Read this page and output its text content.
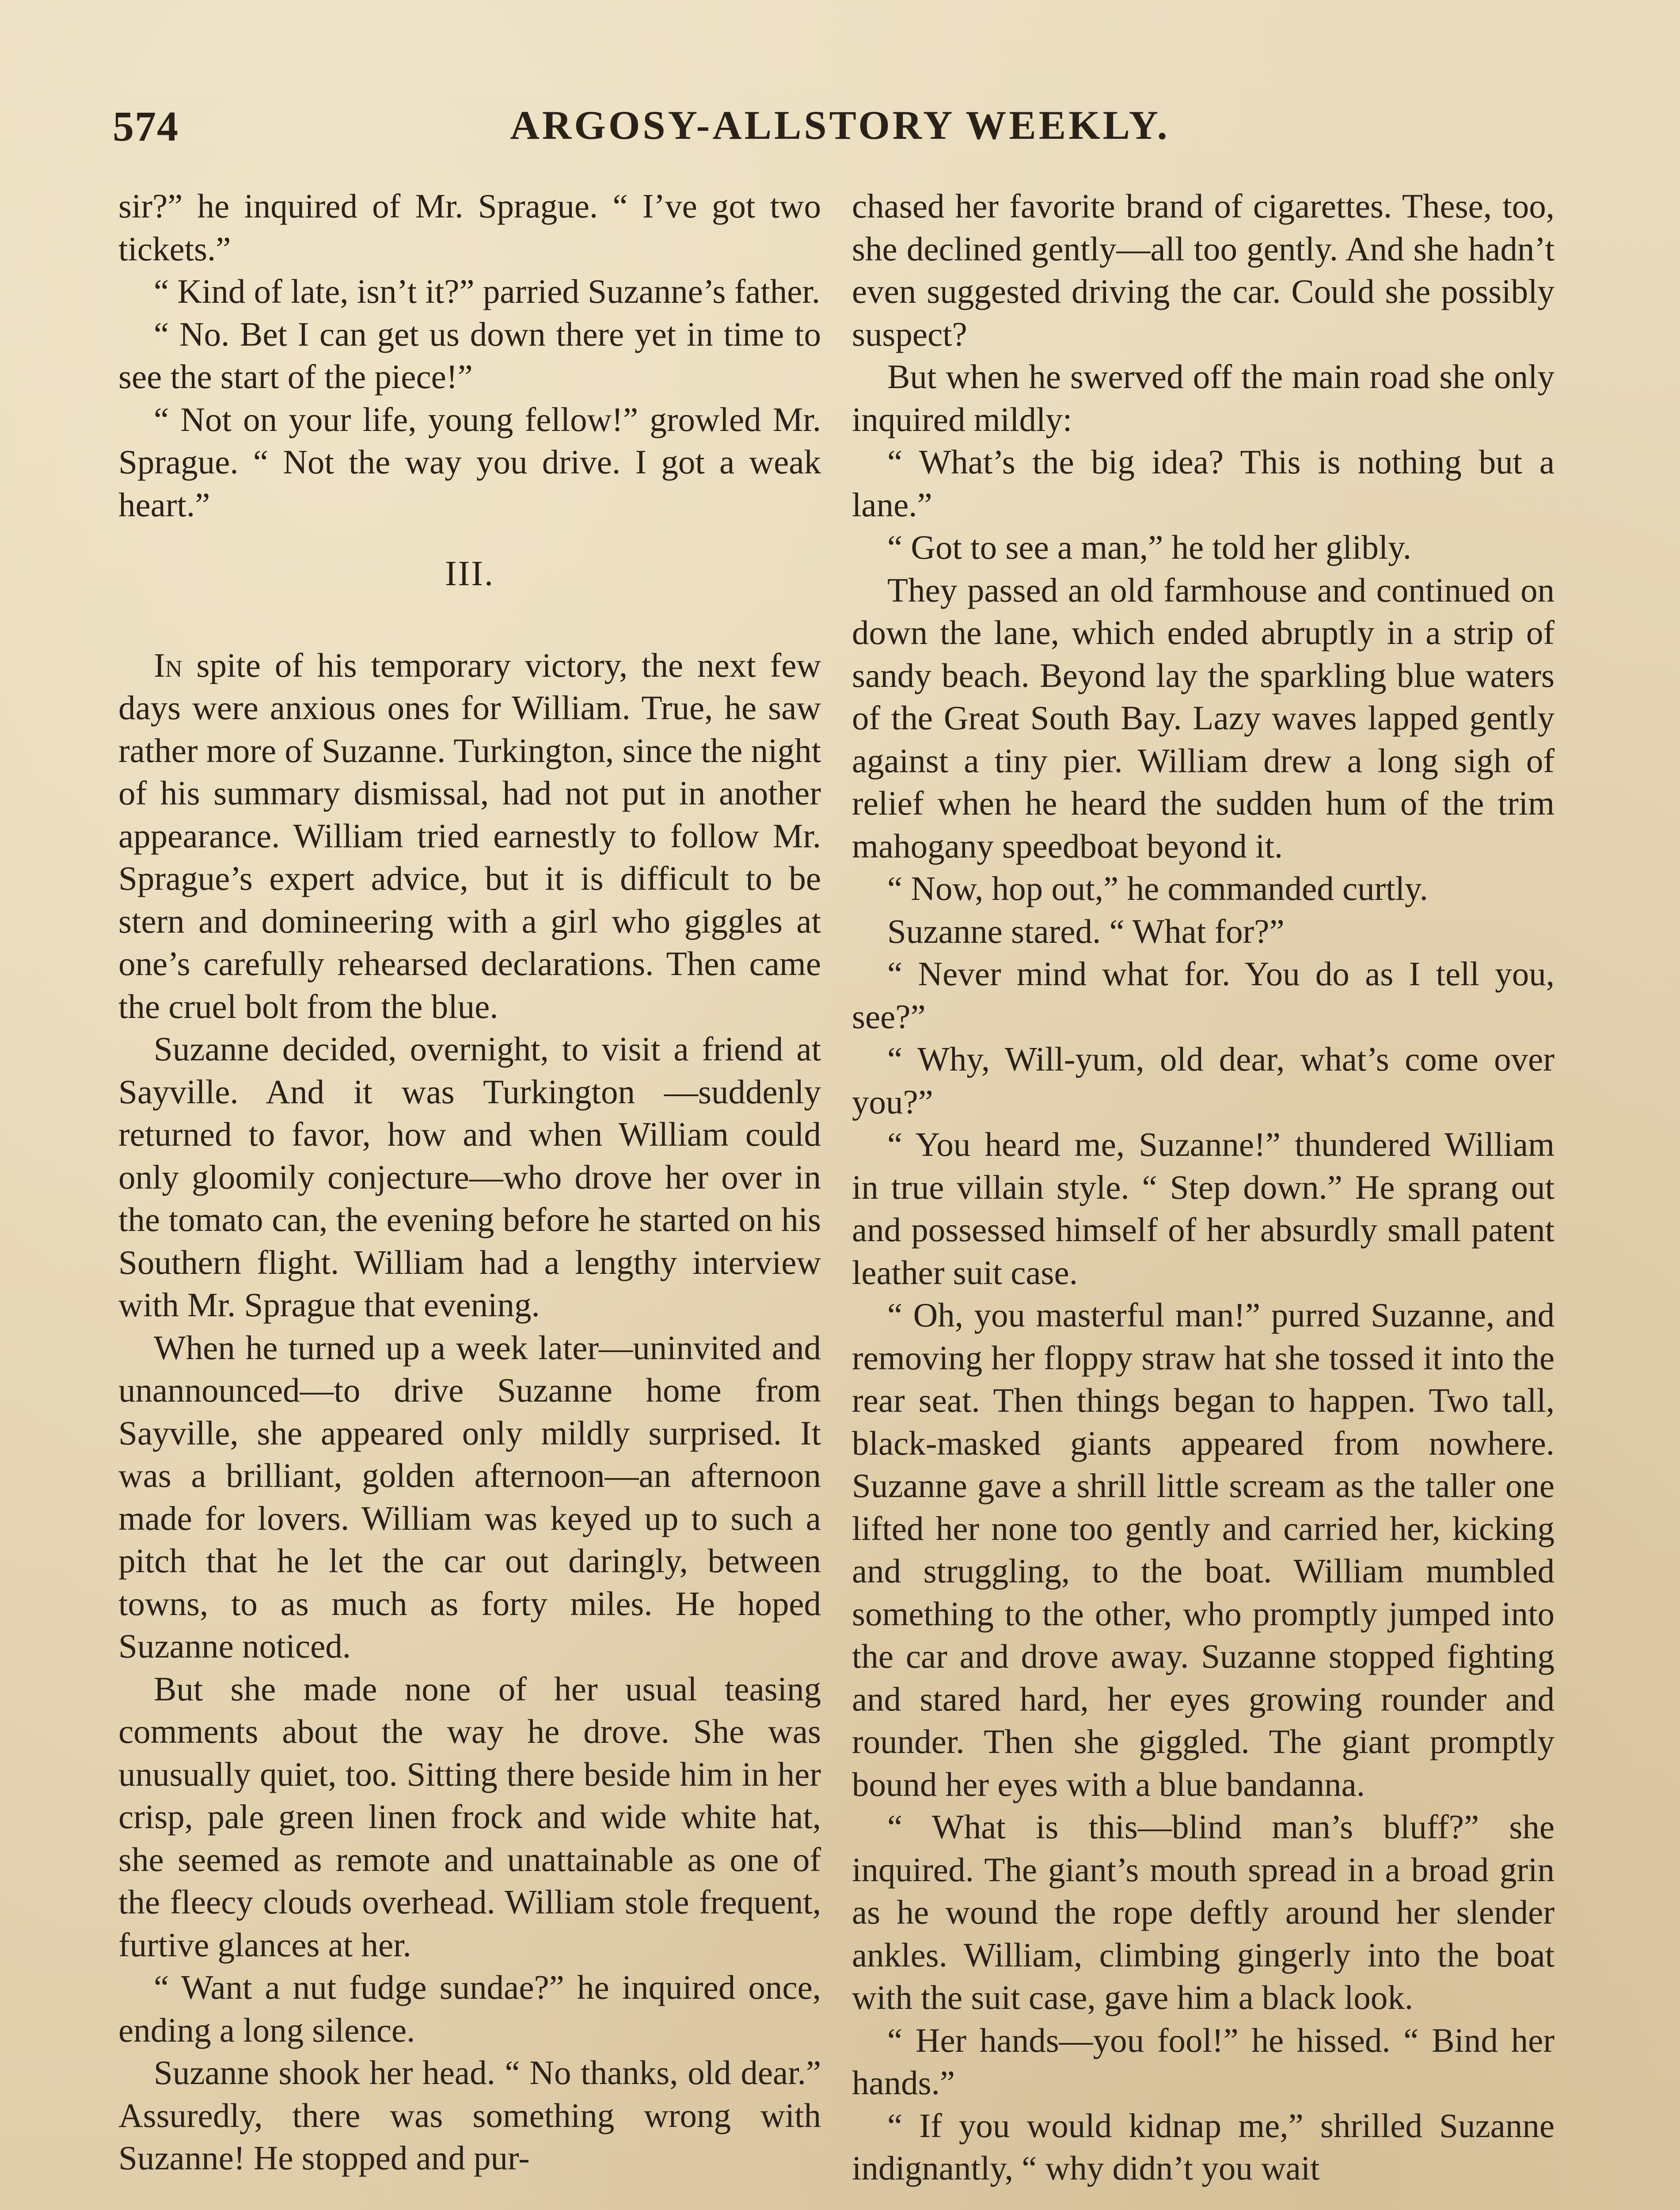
574	ARGOSY-ALLSTORY WEEKLY.

sir?” he inquired of Mr. Sprague. “ I’ve got two tickets.”

“ Kind of late, isn’t it?” parried Suzanne’s father.

“ No. Bet I can get us down there yet in time to see the start of the piece!”

“ Not on your life, young fellow!” growled Mr. Sprague. “ Not the way you drive. I got a weak heart.”

III.

In spite of his temporary victory, the next few days were anxious ones for William. True, he saw rather more of Suzanne. Turkington, since the night of his summary dismissal, had not put in another appearance. William tried earnestly to follow Mr. Sprague’s expert advice, but it is difficult to be stern and domineering with a girl who giggles at one’s carefully rehearsed declarations. Then came the cruel bolt from the blue.

Suzanne decided, overnight, to visit a friend at Sayville. And it was Turkington —suddenly returned to favor, how and when William could only gloomily conjecture—who drove her over in the tomato can, the evening before he started on his Southern flight. William had a lengthy interview with Mr. Sprague that evening.

When he turned up a week later—uninvited and unannounced—to drive Suzanne home from Sayville, she appeared only mildly surprised. It was a brilliant, golden afternoon—an afternoon made for lovers. William was keyed up to such a pitch that he let the car out daringly, between towns, to as much as forty miles. He hoped Suzanne noticed.

But she made none of her usual teasing comments about the way he drove. She was unusually quiet, too. Sitting there beside him in her crisp, pale green linen frock and wide white hat, she seemed as remote and unattainable as one of the fleecy clouds overhead. William stole frequent, furtive glances at her.

“ Want a nut fudge sundae?” he inquired once, ending a long silence.

Suzanne shook her head. “ No thanks, old dear.” Assuredly, there was something wrong with Suzanne! He stopped and pur-

chased her favorite brand of cigarettes. These, too, she declined gently—all too gently. And she hadn’t even suggested driving the car. Could she possibly suspect?

But when he swerved off the main road she only inquired mildly:

“ What’s the big idea? This is nothing but a lane.”

“ Got to see a man,” he told her glibly.

They passed an old farmhouse and continued on down the lane, which ended abruptly in a strip of sandy beach. Beyond lay the sparkling blue waters of the Great South Bay. Lazy waves lapped gently against a tiny pier. William drew a long sigh of relief when he heard the sudden hum of the trim mahogany speedboat beyond it.

“ Now, hop out,” he commanded curtly.

Suzanne stared. “ What for?”

“ Never mind what for. You do as I tell you, see?”

“ Why, Will-yum, old dear, what’s come over you?”

“ You heard me, Suzanne!” thundered William in true villain style. “ Step down.” He sprang out and possessed himself of her absurdly small patent leather suit case.

“ Oh, you masterful man!” purred Suzanne, and removing her floppy straw hat she tossed it into the rear seat. Then things began to happen. Two tall, black-masked giants appeared from nowhere. Suzanne gave a shrill little scream as the taller one lifted her none too gently and carried her, kicking and struggling, to the boat. William mumbled something to the other, who promptly jumped into the car and drove away. Suzanne stopped fighting and stared hard, her eyes growing rounder and rounder. Then she giggled. The giant promptly bound her eyes with a blue bandanna.

“ What is this—blind man’s bluff?” she inquired. The giant’s mouth spread in a broad grin as he wound the rope deftly around her slender ankles. William, climbing gingerly into the boat with the suit case, gave him a black look.

“ Her hands—you fool!” he hissed. “ Bind her hands.”

“ If you would kidnap me,” shrilled Suzanne indignantly, “ why didn’t you wait
